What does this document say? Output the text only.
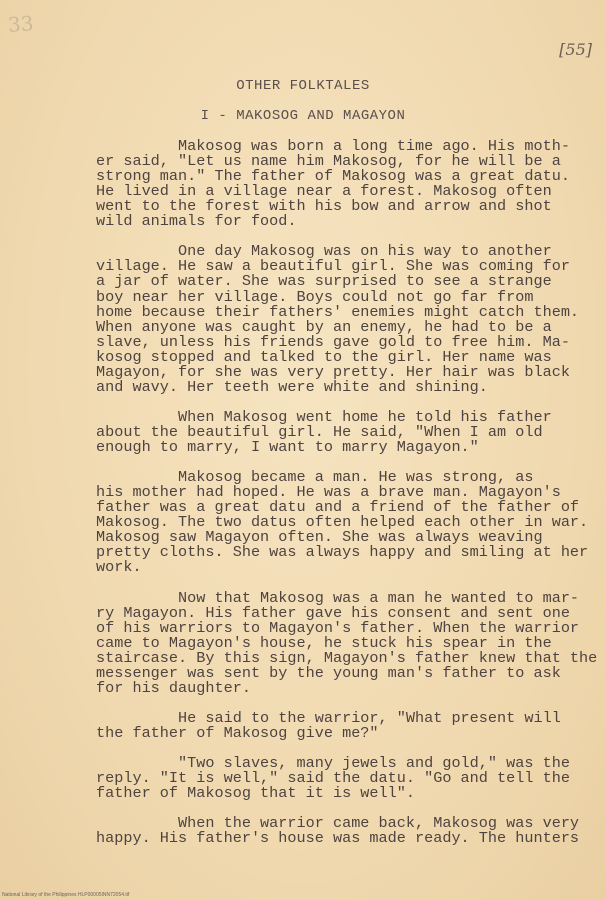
33
[55]
OTHER FOLKTALES
I - MAKOSOG AND MAGAYON
Makosog was born a long time ago. His moth-
er said, "Let us name him Makosog, for he will be a
strong man." The father of Makosog was a great datu.
He lived in a village near a forest. Makosog often
went to the forest with his bow and arrow and shot
wild animals for food.
One day Makosog was on his way to another
village. He saw a beautiful girl. She was coming for
a jar of water. She was surprised to see a strange
boy near her village. Boys could not go far from
home because their fathers' enemies might catch them.
When anyone was caught by an enemy, he had to be a
slave, unless his friends gave gold to free him. Ma-
kosog stopped and talked to the girl. Her name was
Magayon, for she was very pretty. Her hair was black
and wavy. Her teeth were white and shining.
When Makosog went home he told his father
about the beautiful girl. He said, "When I am old
enough to marry, I want to marry Magayon."
Makosog became a man. He was strong, as
his mother had hoped. He was a brave man. Magayon's
father was a great datu and a friend of the father of
Makosog. The two datus often helped each other in war.
Makosog saw Magayon often. She was always weaving
pretty cloths. She was always happy and smiling at her
work.
Now that Makosog was a man he wanted to mar-
ry Magayon. His father gave his consent and sent one
of his warriors to Magayon's father. When the warrior
came to Magayon's house, he stuck his spear in the
staircase. By this sign, Magayon's father knew that the
messenger was sent by the young man's father to ask
for his daughter.
He said to the warrior, "What present will
the father of Makosog give me?"
"Two slaves, many jewels and gold," was the
reply. "It is well," said the datu. "Go and tell the
father of Makosog that it is well".
When the warrior came back, Makosog was very
happy. His father's house was made ready. The hunters
National Library of the Philippines HLP00005INN72054.tif
